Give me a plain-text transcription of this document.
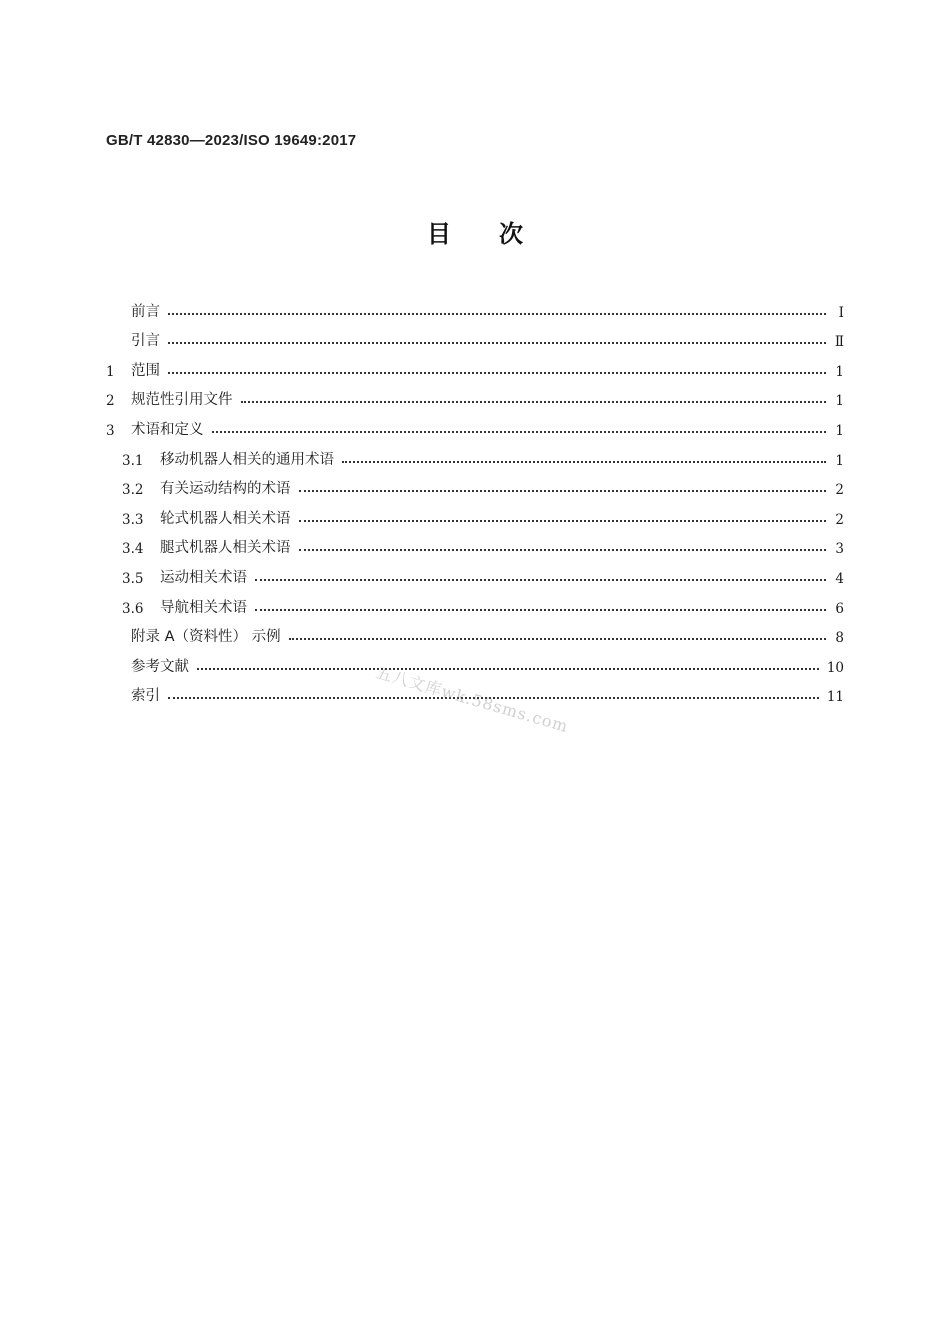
GB/T 42830—2023/ISO 19649:2017
目次
前言	Ⅰ
引言	Ⅱ
1	范围	1
2	规范性引用文件	1
3	术语和定义	1
3.1	移动机器人相关的通用术语	1
3.2	有关运动结构的术语	2
3.3	轮式机器人相关术语	2
3.4	腿式机器人相关术语	3
3.5	运动相关术语	4
3.6	导航相关术语	6
附录 A（资料性） 示例	8
参考文献	10
索引	11
五八文库wk.58sms.com
